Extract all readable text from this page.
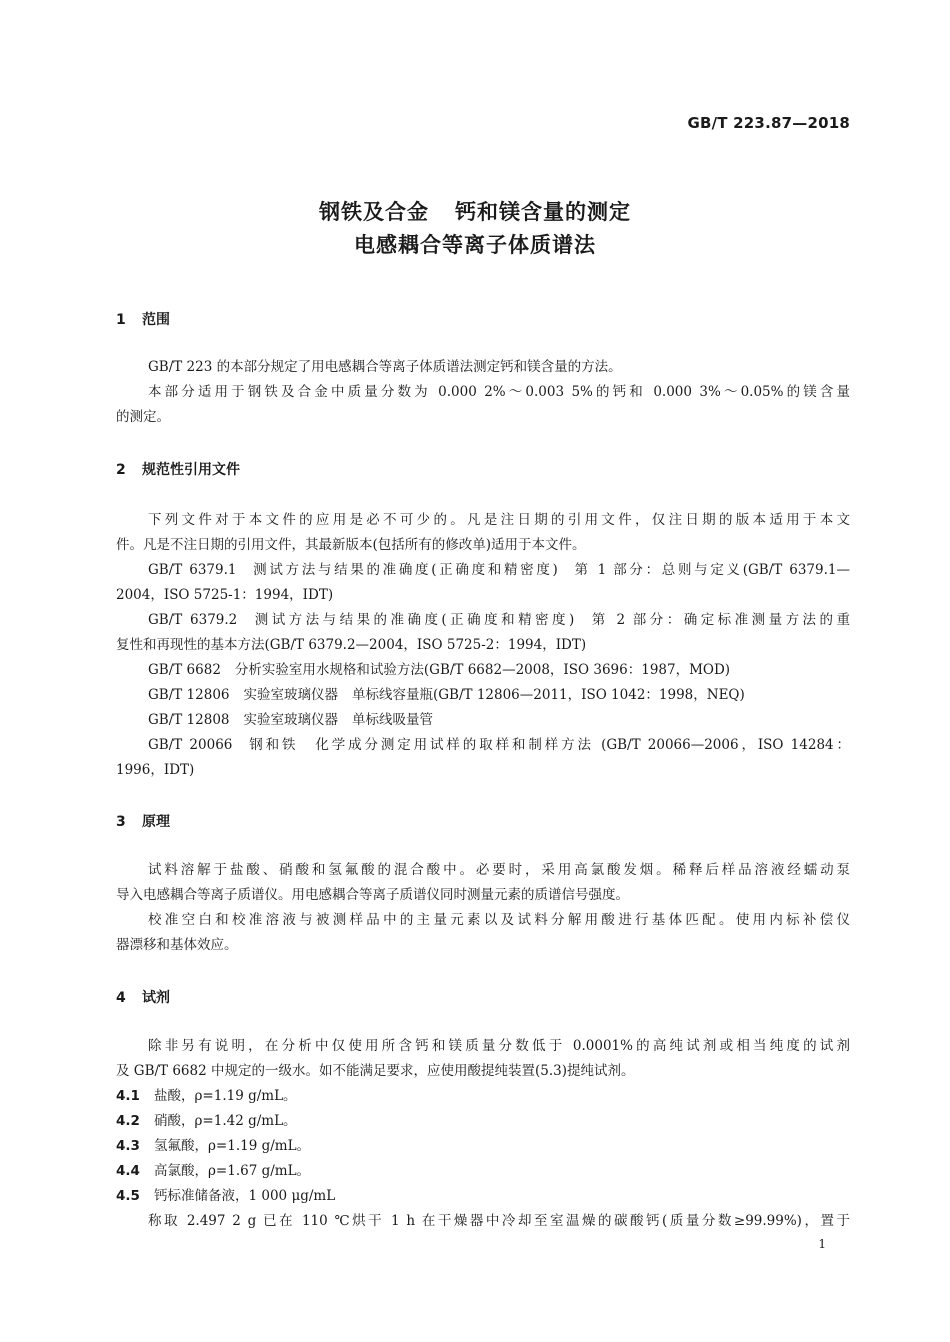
GB/T 223.87—2018
钢铁及合金 钙和镁含量的测定
电感耦合等离子体质谱法
1 范围
GB/T 223 的本部分规定了用电感耦合等离子体质谱法测定钙和镁含量的方法。
本部分适用于钢铁及合金中质量分数为 0.000 2%～0.003 5%的钙和 0.000 3%～0.05%的镁含量
的测定。
2 规范性引用文件
下列文件对于本文件的应用是必不可少的。凡是注日期的引用文件，仅注日期的版本适用于本文
件。凡是不注日期的引用文件，其最新版本(包括所有的修改单)适用于本文件。
GB/T 6379.1 测试方法与结果的准确度(正确度和精密度) 第 1 部分：总则与定义(GB/T 6379.1—
2004，ISO 5725-1：1994，IDT)
GB/T 6379.2 测试方法与结果的准确度(正确度和精密度) 第 2 部分：确定标准测量方法的重
复性和再现性的基本方法(GB/T 6379.2—2004，ISO 5725-2：1994，IDT)
GB/T 6682 分析实验室用水规格和试验方法(GB/T 6682—2008，ISO 3696：1987，MOD)
GB/T 12806 实验室玻璃仪器 单标线容量瓶(GB/T 12806—2011，ISO 1042：1998，NEQ)
GB/T 12808 实验室玻璃仪器 单标线吸量管
GB/T 20066 钢和铁 化学成分测定用试样的取样和制样方法 (GB/T 20066—2006，ISO 14284：
1996，IDT)
3 原理
试料溶解于盐酸、硝酸和氢氟酸的混合酸中。必要时，采用高氯酸发烟。稀释后样品溶液经蠕动泵
导入电感耦合等离子质谱仪。用电感耦合等离子质谱仪同时测量元素的质谱信号强度。
校准空白和校准溶液与被测样品中的主量元素以及试料分解用酸进行基体匹配。使用内标补偿仪
器漂移和基体效应。
4 试剂
除非另有说明，在分析中仅使用所含钙和镁质量分数低于 0.0001%的高纯试剂或相当纯度的试剂
及 GB/T 6682 中规定的一级水。如不能满足要求，应使用酸提纯装置(5.3)提纯试剂。
4.1 盐酸，ρ=1.19 g/mL。
4.2 硝酸，ρ=1.42 g/mL。
4.3 氢氟酸，ρ=1.19 g/mL。
4.4 高氯酸，ρ=1.67 g/mL。
4.5 钙标准储备液，1 000 μg/mL
称取 2.497 2 g 已在 110 ℃烘干 1 h 在干燥器中冷却至室温燥的碳酸钙(质量分数≥99.99%)，置于
1
